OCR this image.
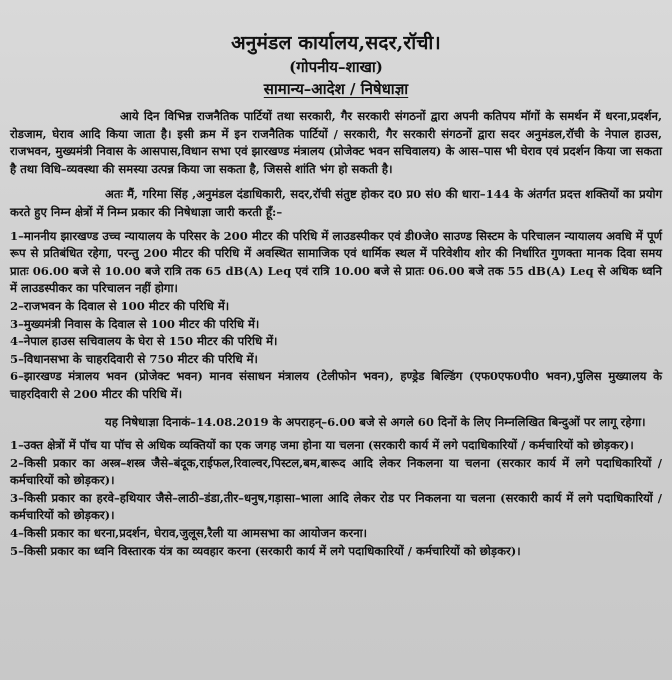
अनुमंडल कार्यालय,सदर,रॉची।
(गोपनीय–शाखा)
सामान्य–आदेश / निषेधाज्ञा

आये दिन विभिन्न राजनैतिक पार्टियों तथा सरकारी, गैर सरकारी संगठनों द्वारा अपनी कतिपय मॉगों के समर्थन में धरना,प्रदर्शन, रोडजाम, घेराव आदि किया जाता है। इसी क्रम में इन राजनैतिक पार्टियों / सरकारी, गैर सरकारी संगठनों द्वारा सदर अनुमंडल,रॉची के नेपाल हाउस, राजभवन, मुख्यमंत्री निवास के आसपास,विधान सभा एवं झारखण्ड मंत्रालय (प्रोजेक्ट भवन सचिवालय) के आस–पास भी घेराव एवं प्रदर्शन किया जा सकता है तथा विधि–व्यवस्था की समस्या उत्पन्न किया जा सकता है, जिससे शांति भंग हो सकती है।

अतः मैं, गरिमा सिंह ,अनुमंडल दंडाधिकारी, सदर,रॉची संतुष्ट होकर द0 प्र0 सं0 की धारा–144 के अंतर्गत प्रदत्त शक्तियों का प्रयोग करते हुए निम्न क्षेत्रों में निम्न प्रकार की निषेधाज्ञा जारी करती हूँ:–

1–माननीय झारखण्ड उच्च न्यायालय के परिसर के 200 मीटर की परिधि में लाउडस्पीकर एवं डी0जे0 साउण्ड सिस्टम के परिचालन न्यायालय अवधि में पूर्ण रूप से प्रतिबंधित रहेगा, परन्तु 200 मीटर की परिधि में अवस्थित सामाजिक एवं धार्मिक स्थल में परिवेशीय शोर की निर्धारित गुणक्ता मानक दिवा समय प्रातः 06.00 बजे से 10.00 बजे रात्रि तक 65 dB(A) Leq एवं रात्रि 10.00 बजे से प्रातः 06.00 बजे तक 55 dB(A) Leq से अधिक ध्वनि में लाउडस्पीकर का परिचालन नहीं होगा।
2–राजभवन के दिवाल से 100 मीटर की परिधि में।
3–मुख्यमंत्री निवास के दिवाल से 100 मीटर की परिधि में।
4–नेपाल हाउस सचिवालय के घेरा से 150 मीटर की परिधि में।
5–विधानसभा के चाहरदिवारी से 750 मीटर की परिधि में।
6–झारखण्ड मंत्रालय भवन (प्रोजेक्ट भवन) मानव संसाधन मंत्रालय (टेलीफोन भवन), हण्ड्रेड बिल्डिंग (एफ0एफ0पी0 भवन),पुलिस मुख्यालय के चाहरदिवारी से 200 मीटर की परिधि में।

यह निषेधाज्ञा दिनाकं–14.08.2019 के अपराहन्–6.00 बजे से अगले 60 दिनों के लिए निम्नलिखित बिन्दुओं पर लागू रहेगा।

1–उक्त क्षेत्रों में पॉच या पॉच से अधिक व्यक्तियों का एक जगह जमा होना या चलना (सरकारी कार्य में लगे पदाधिकारियों / कर्मचारियों को छोड़कर)।
2–किसी प्रकार का अस्त्र–शस्त्र जैसे–बंदूक,राईफल,रिवाल्वर,पिस्टल,बम,बारूद आदि लेकर निकलना या चलना (सरकार कार्य में लगे पदाधिकारियों / कर्मचारियों को छोड़कर)।
3–किसी प्रकार का हरवे–हथियार जैसे–लाठी–डंडा,तीर–धनुष,गड़ासा–भाला आदि लेकर रोड पर निकलना या चलना (सरकारी कार्य में लगे पदाधिकारियों / कर्मचारियों को छोड़कर)।
4–किसी प्रकार का धरना,प्रदर्शन, घेराव,जुलूस,रैली या आमसभा का आयोजन करना।
5–किसी प्रकार का ध्वनि विस्तारक यंत्र का व्यवहार करना (सरकारी कार्य में लगे पदाधिकारियों / कर्मचारियों को छोड़कर)।
